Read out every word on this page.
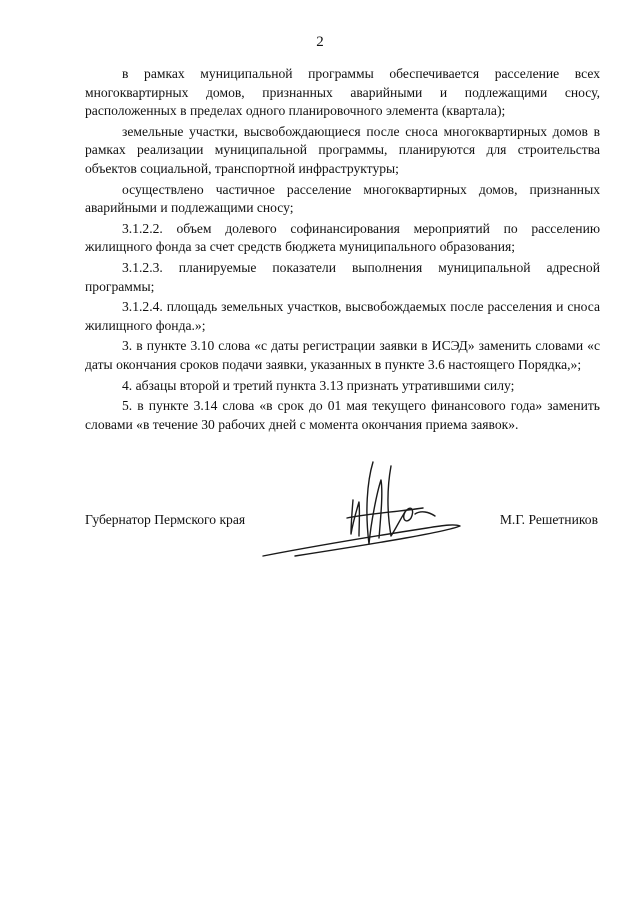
2

в рамках муниципальной программы обеспечивается расселение всех многоквартирных домов, признанных аварийными и подлежащими сносу, расположенных в пределах одного планировочного элемента (квартала);

земельные участки, высвобождающиеся после сноса многоквартирных домов в рамках реализации муниципальной программы, планируются для строительства объектов социальной, транспортной инфраструктуры;

осуществлено частичное расселение многоквартирных домов, признанных аварийными и подлежащими сносу;

3.1.2.2. объем долевого софинансирования мероприятий по расселению жилищного фонда за счет средств бюджета муниципального образования;

3.1.2.3. планируемые показатели выполнения муниципальной адресной программы;

3.1.2.4. площадь земельных участков, высвобождаемых после расселения и сноса жилищного фонда.»;

3. в пункте 3.10 слова «с даты регистрации заявки в ИСЭД» заменить словами «с даты окончания сроков подачи заявки, указанных в пункте 3.6 настоящего Порядка,»;

4. абзацы второй и третий пункта 3.13 признать утратившими силу;

5. в пункте 3.14 слова «в срок до 01 мая текущего финансового года» заменить словами «в течение 30 рабочих дней с момента окончания приема заявок».

Губернатор Пермского края	М.Г. Решетников
